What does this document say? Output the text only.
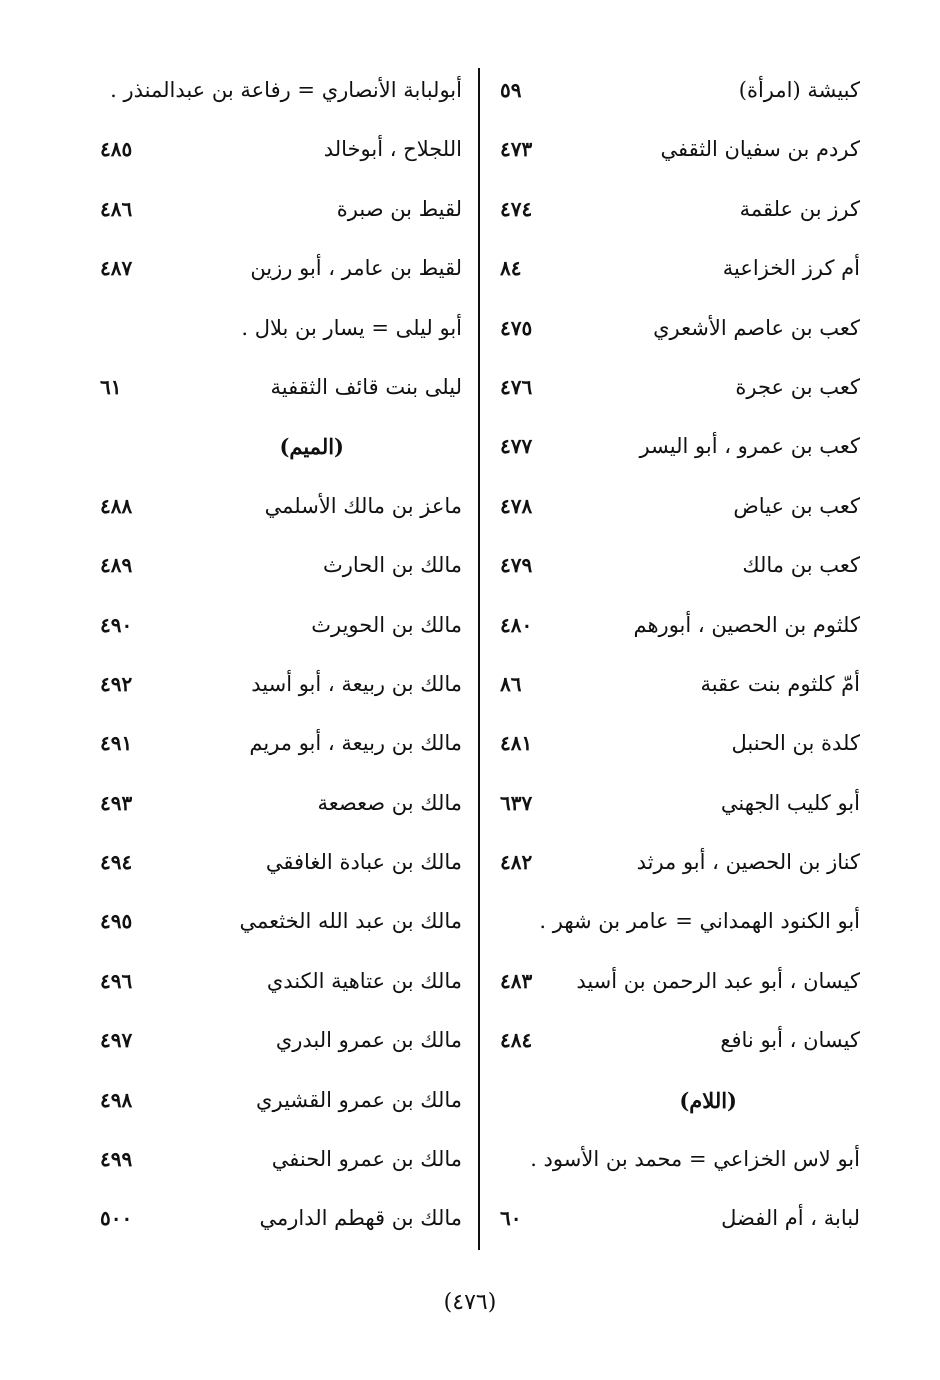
كبيشة (امرأة)
٥٩
كردم بن سفيان الثقفي
٤٧٣
كرز بن علقمة
٤٧٤
أم كرز الخزاعية
٨٤
كعب بن عاصم الأشعري
٤٧٥
كعب بن عجرة
٤٧٦
كعب بن عمرو ، أبو اليسر
٤٧٧
كعب بن عياض
٤٧٨
كعب بن مالك
٤٧٩
كلثوم بن الحصين ، أبورهم
٤٨٠
أمّ كلثوم بنت عقبة
٨٦
كلدة بن الحنبل
٤٨١
أبو كليب الجهني
٦٣٧
كناز بن الحصين ، أبو مرثد
٤٨٢
أبو الكنود الهمداني = عامر بن شهر .
كيسان ، أبو عبد الرحمن بن أسيد
٤٨٣
كيسان ، أبو نافع
٤٨٤
(اللام)
أبو لاس الخزاعي = محمد بن الأسود .
لبابة ، أم الفضل
٦٠
أبولبابة الأنصاري = رفاعة بن عبدالمنذر .
اللجلاح ، أبوخالد
٤٨٥
لقيط بن صبرة
٤٨٦
لقيط بن عامر ، أبو رزين
٤٨٧
أبو ليلى = يسار بن بلال .
ليلى بنت قائف الثقفية
٦١
(الميم)
ماعز بن مالك الأسلمي
٤٨٨
مالك بن الحارث
٤٨٩
مالك بن الحويرث
٤٩٠
مالك بن ربيعة ، أبو أسيد
٤٩٢
مالك بن ربيعة ، أبو مريم
٤٩١
مالك بن صعصعة
٤٩٣
مالك بن عبادة الغافقي
٤٩٤
مالك بن عبد الله الخثعمي
٤٩٥
مالك بن عتاهية الكندي
٤٩٦
مالك بن عمرو البدري
٤٩٧
مالك بن عمرو القشيري
٤٩٨
مالك بن عمرو الحنفي
٤٩٩
مالك بن قهطم الدارمي
٥٠٠
(٤٧٦)
